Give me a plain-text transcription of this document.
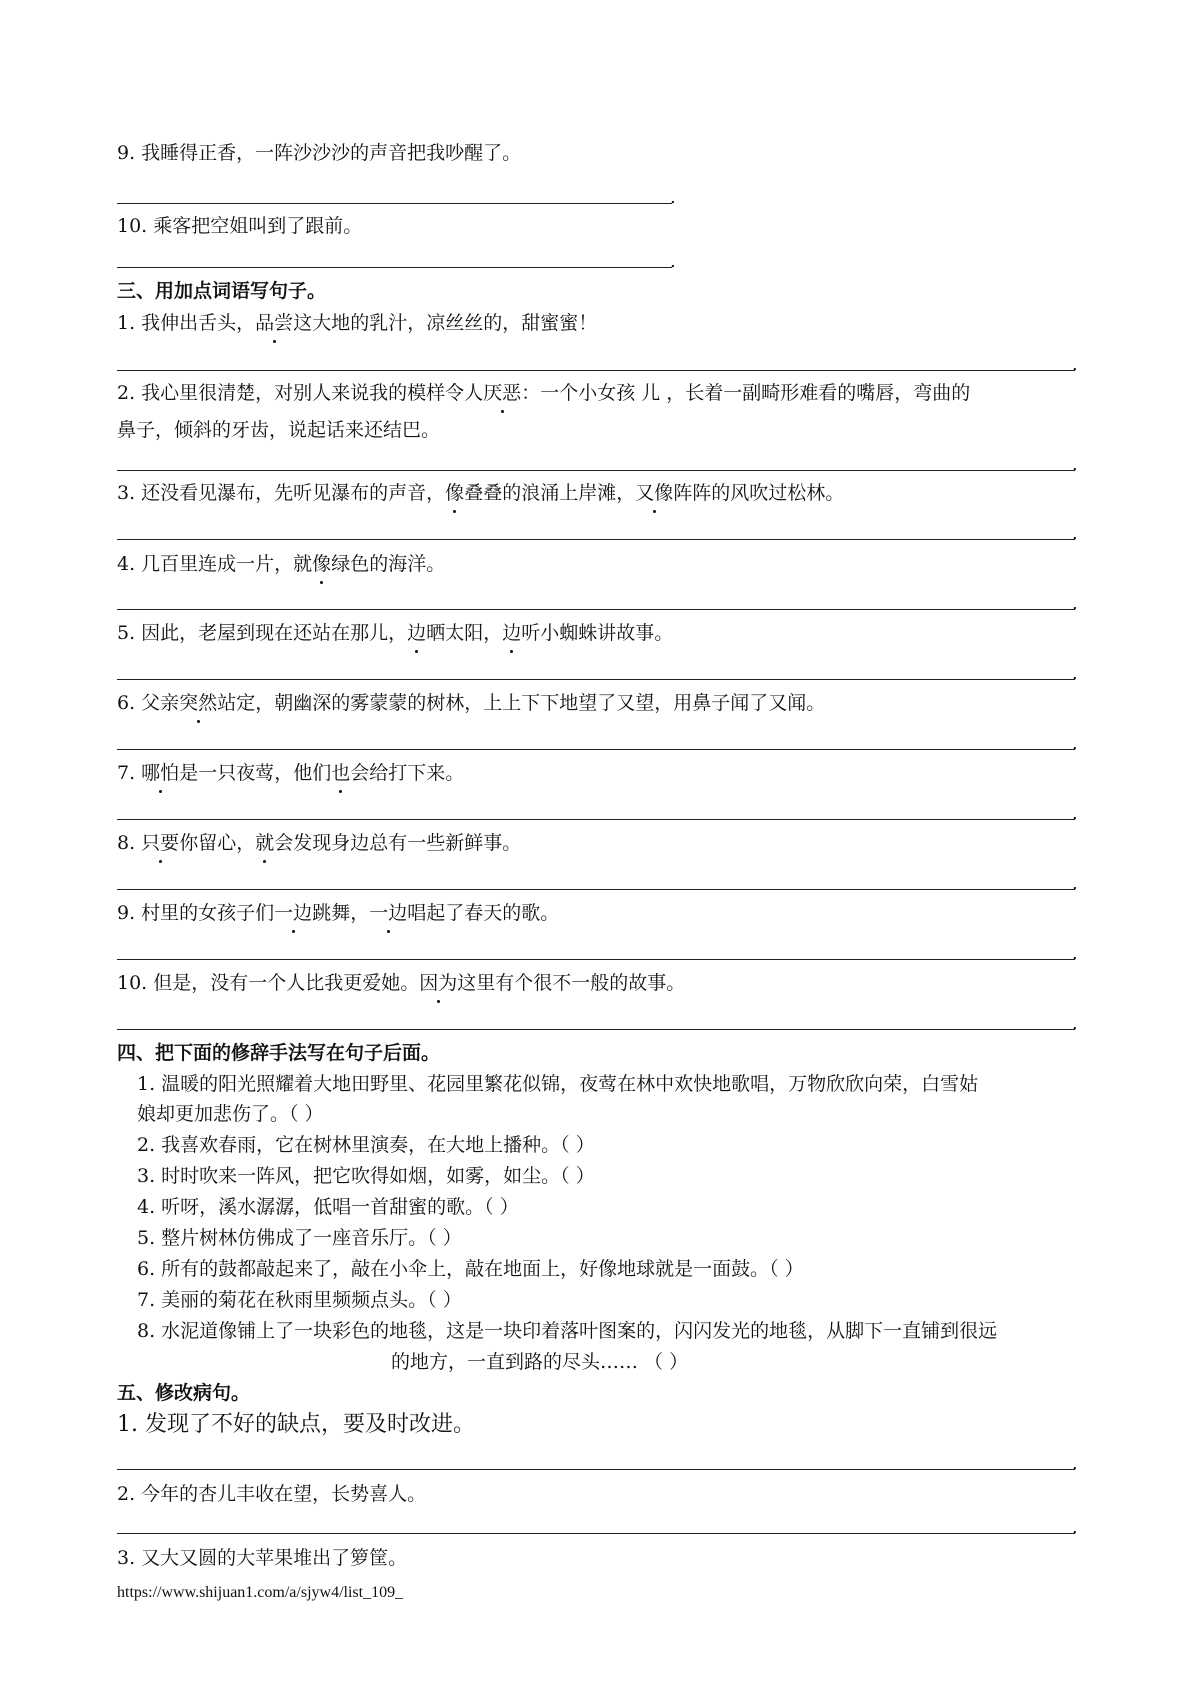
9. 我睡得正香，一阵沙沙沙的声音把我吵醒了。
.
10. 乘客把空姐叫到了跟前。
.
三、用加点词语写句子。
1. 我伸出舌头，品尝这大地的乳汁，凉丝丝的，甜蜜蜜！
.
2. 我心里很清楚，对别人来说我的模样令人厌恶：一个小女孩 儿 ，长着一副畸形难看的嘴唇，弯曲的
鼻子，倾斜的牙齿，说起话来还结巴。
.
3. 还没看见瀑布，先听见瀑布的声音，像叠叠的浪涌上岸滩，又像阵阵的风吹过松林。
.
4. 几百里连成一片，就像绿色的海洋。
.
5. 因此，老屋到现在还站在那儿，边晒太阳，边听小蜘蛛讲故事。
.
6. 父亲突然站定，朝幽深的雾蒙蒙的树林，上上下下地望了又望，用鼻子闻了又闻。
.
7. 哪怕是一只夜莺，他们也会给打下来。
.
8. 只要你留心，就会发现身边总有一些新鲜事。
.
9. 村里的女孩子们一边跳舞，一边唱起了春天的歌。
.
10. 但是，没有一个人比我更爱她。因为这里有个很不一般的故事。
.
四、把下面的修辞手法写在句子后面。
1. 温暖的阳光照耀着大地田野里、花园里繁花似锦，夜莺在林中欢快地歌唱，万物欣欣向荣，白雪姑
娘却更加悲伤了。（ ）
2. 我喜欢春雨，它在树林里演奏，在大地上播种。（ ）
3. 时时吹来一阵风，把它吹得如烟，如雾，如尘。（ ）
4. 听呀，溪水潺潺，低唱一首甜蜜的歌。（ ）
5. 整片树林仿佛成了一座音乐厅。（ ）
6. 所有的鼓都敲起来了，敲在小伞上，敲在地面上，好像地球就是一面鼓。（ ）
7. 美丽的菊花在秋雨里频频点头。（ ）
8. 水泥道像铺上了一块彩色的地毯，这是一块印着落叶图案的，闪闪发光的地毯，从脚下一直铺到很远
的地方，一直到路的尽头…… （ ）
五、修改病句。
1. 发现了不好的缺点，要及时改进。
.
2. 今年的杏儿丰收在望，长势喜人。
.
3. 又大又圆的大苹果堆出了箩筐。
https://www.shijuan1.com/a/sjyw4/list_109_
